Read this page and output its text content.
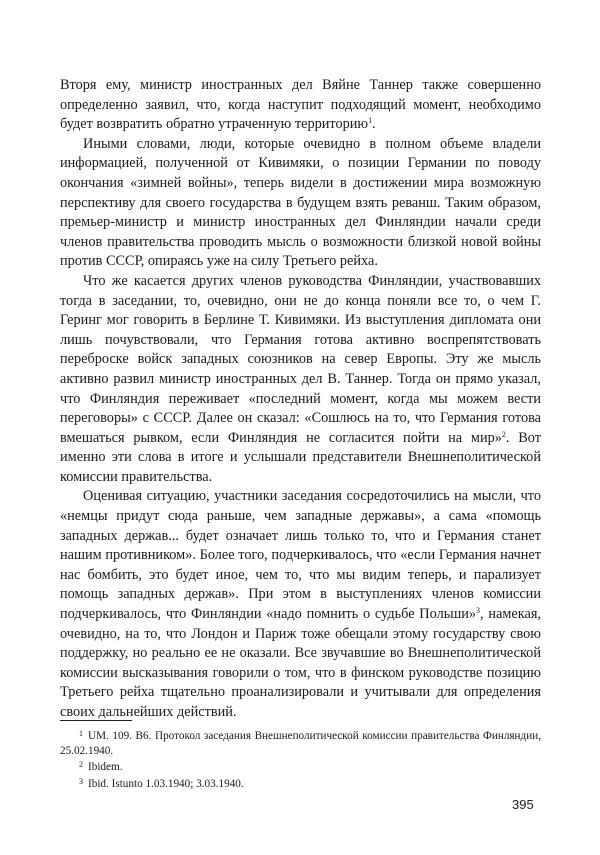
Вторя ему, министр иностранных дел Вяйне Таннер также совершенно определенно заявил, что, когда наступит подходящий момент, необходимо будет возвратить обратно утраченную территорию$^1$.

Иными словами, люди, которые очевидно в полном объеме владели информацией, полученной от Кивимяки, о позиции Германии по поводу окончания «зимней войны», теперь видели в достижении мира возможную перспективу для своего государства в будущем взять реванш. Таким образом, премьер-министр и министр иностранных дел Финляндии начали среди членов правительства проводить мысль о возможности близкой новой войны против СССР, опираясь уже на силу Третьего рейха.

Что же касается других членов руководства Финляндии, участвовавших тогда в заседании, то, очевидно, они не до конца поняли все то, о чем Г. Геринг мог говорить в Берлине Т. Кивимяки. Из выступления дипломата они лишь почувствовали, что Германия готова активно воспрепятствовать переброске войск западных союзников на север Европы. Эту же мысль активно развил министр иностранных дел В. Таннер. Тогда он прямо указал, что Финляндия переживает «последний момент, когда мы можем вести переговоры» с СССР. Далее он сказал: «Сошлюсь на то, что Германия готова вмешаться рывком, если Финляндия не согласится пойти на мир»$^2$. Вот именно эти слова в итоге и услышали представители Внешнеполитической комиссии правительства.

Оценивая ситуацию, участники заседания сосредоточились на мысли, что «немцы придут сюда раньше, чем западные державы», а сама «помощь западных держав... будет означает лишь только то, что и Германия станет нашим противником». Более того, подчеркивалось, что «если Германия начнет нас бомбить, это будет иное, чем то, что мы видим теперь, и парализует помощь западных держав». При этом в выступлениях членов комиссии подчеркивалось, что Финляндии «надо помнить о судьбе Польши»$^3$, намекая, очевидно, на то, что Лондон и Париж тоже обещали этому государству свою поддержку, но реально ее не оказали. Все звучавшие во Внешнеполитической комиссии высказывания говорили о том, что в финском руководстве позицию Третьего рейха тщательно проанализировали и учитывали для определения своих дальнейших действий.

$^1$ UM. 109. B6. Протокол заседания Внешнеполитической комиссии правительства Финляндии, 25.02.1940.

$^2$ Ibidem.

$^3$ Ibid. Istunto 1.03.1940; 3.03.1940.

395
